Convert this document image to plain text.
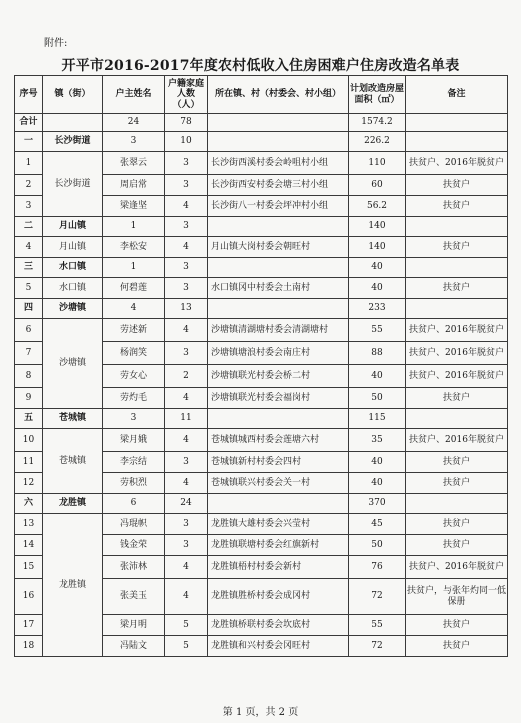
附件:
开平市2016-2017年度农村低收入住房困难户住房改造名单表
序号	镇（街）	户主姓名	户籍家庭人数（人）	所在镇、村（村委会、村小组）	计划改造房屋面积（㎡）	备注
合计		24	78		1574.2	
一	长沙街道	3	10		226.2	
1	长沙街道	张翠云	3	长沙街西溪村委会岭咀村小组	110	扶贫户、2016年脱贫户
2		周启常	3	长沙街西安村委会塘三村小组	60	扶贫户
3		梁逢坚	4	长沙街八一村委会坪冲村小组	56.2	扶贫户
二	月山镇	1	3		140	
4	月山镇	李松安	4	月山镇大岗村委会朝旺村	140	扶贫户
三	水口镇	1	3		40	
5	水口镇	何碧莲	3	水口镇冈中村委会土南村	40	扶贫户
四	沙塘镇	4	13		233	
6	沙塘镇	劳述新	4	沙塘镇清湖塘村委会清湖塘村	55	扶贫户、2016年脱贫户
7		杨润笑	3	沙塘镇塘浪村委会南庄村	88	扶贫户、2016年脱贫户
8		劳女心	2	沙塘镇联光村委会桥二村	40	扶贫户、2016年脱贫户
9		劳灼毛	4	沙塘镇联光村委会福岗村	50	扶贫户
五	苍城镇	3	11		115	
10	苍城镇	梁月娥	4	苍城镇城西村委会莲塘六村	35	扶贫户、2016年脱贫户
11		李宗结	3	苍城镇新村村委会四村	40	扶贫户
12		劳积烈	4	苍城镇联兴村委会关一村	40	扶贫户
六	龙胜镇	6	24		370	
13	龙胜镇	冯琨帜	3	龙胜镇大雄村委会兴莹村	45	扶贫户
14		钱金荣	3	龙胜镇联塘村委会红旗新村	50	扶贫户
15		张沛林	4	龙胜镇梧村村委会新村	76	扶贫户、2016年脱贫户
16		张美玉	4	龙胜镇胜桥村委会成冈村	72	扶贫户，与张年灼同一低保册
17		梁月明	5	龙胜镇桥联村委会坎底村	55	扶贫户
18		冯陆文	5	龙胜镇和兴村委会冈旺村	72	扶贫户
第 1 页，共 2 页
